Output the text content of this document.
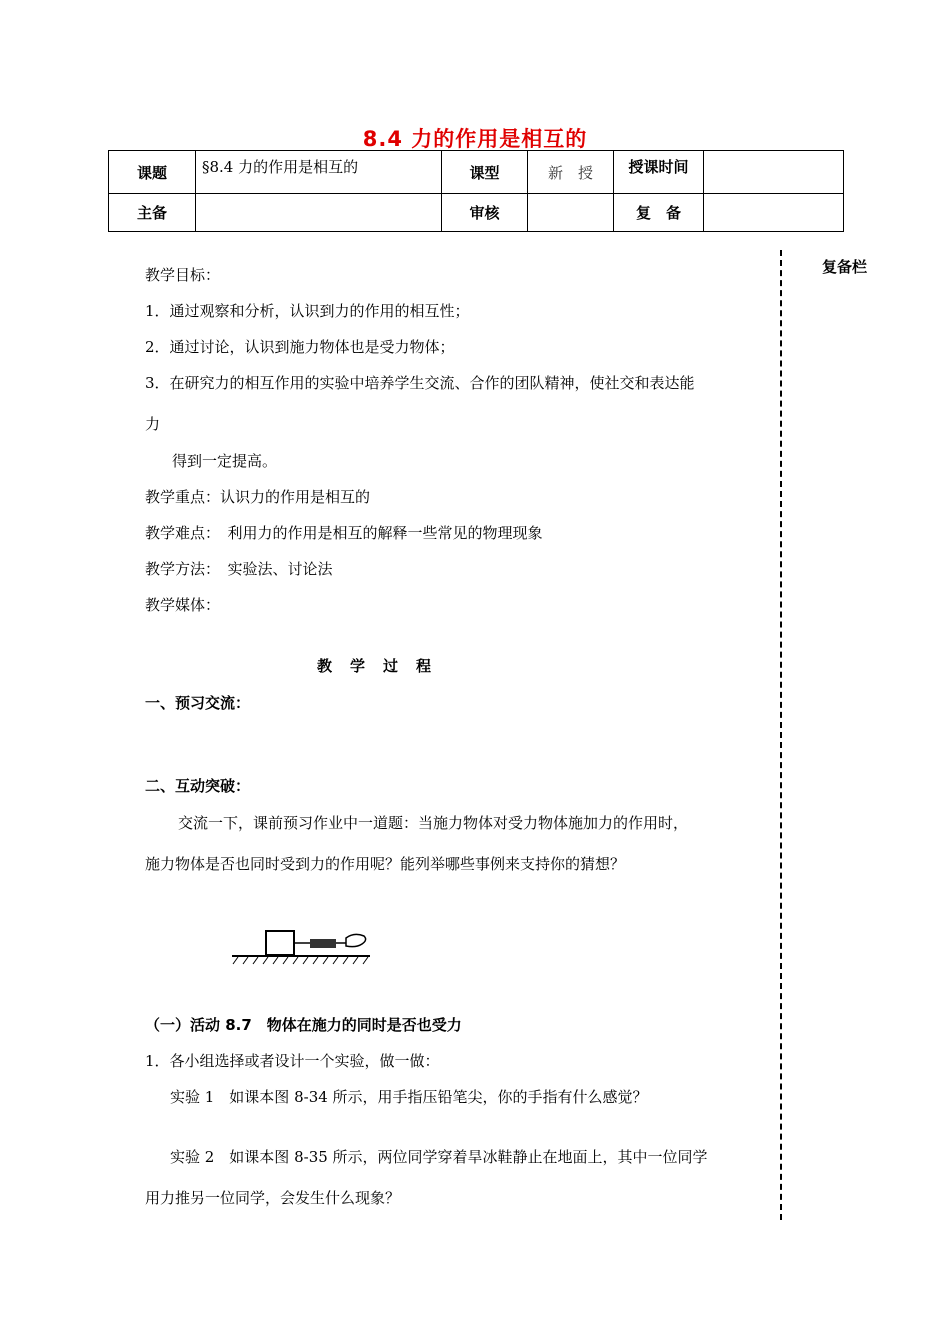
8.4 力的作用是相互的
课题	§8.4 力的作用是相互的	课型	新　授	授课时间	
主备		审核		复　备	
复备栏
教学目标：
1．通过观察和分析，认识到力的作用的相互性；
2．通过讨论，认识到施力物体也是受力物体；
3．在研究力的相互作用的实验中培养学生交流、合作的团队精神，使社交和表达能
力
得到一定提高。
教学重点：认识力的作用是相互的
教学难点：　利用力的作用是相互的解释一些常见的物理现象
教学方法：　实验法、讨论法
教学媒体：
教学过程
一、预习交流：
二、互动突破：
交流一下，课前预习作业中一道题：当施力物体对受力物体施加力的作用时，
施力物体是否也同时受到力的作用呢？能列举哪些事例来支持你的猜想？
（一）活动 8.7　物体在施力的同时是否也受力
1．各小组选择或者设计一个实验，做一做：
实验 1　如课本图 8-34 所示，用手指压铅笔尖，你的手指有什么感觉？
实验 2　如课本图 8-35 所示，两位同学穿着旱冰鞋静止在地面上，其中一位同学
用力推另一位同学，会发生什么现象？
